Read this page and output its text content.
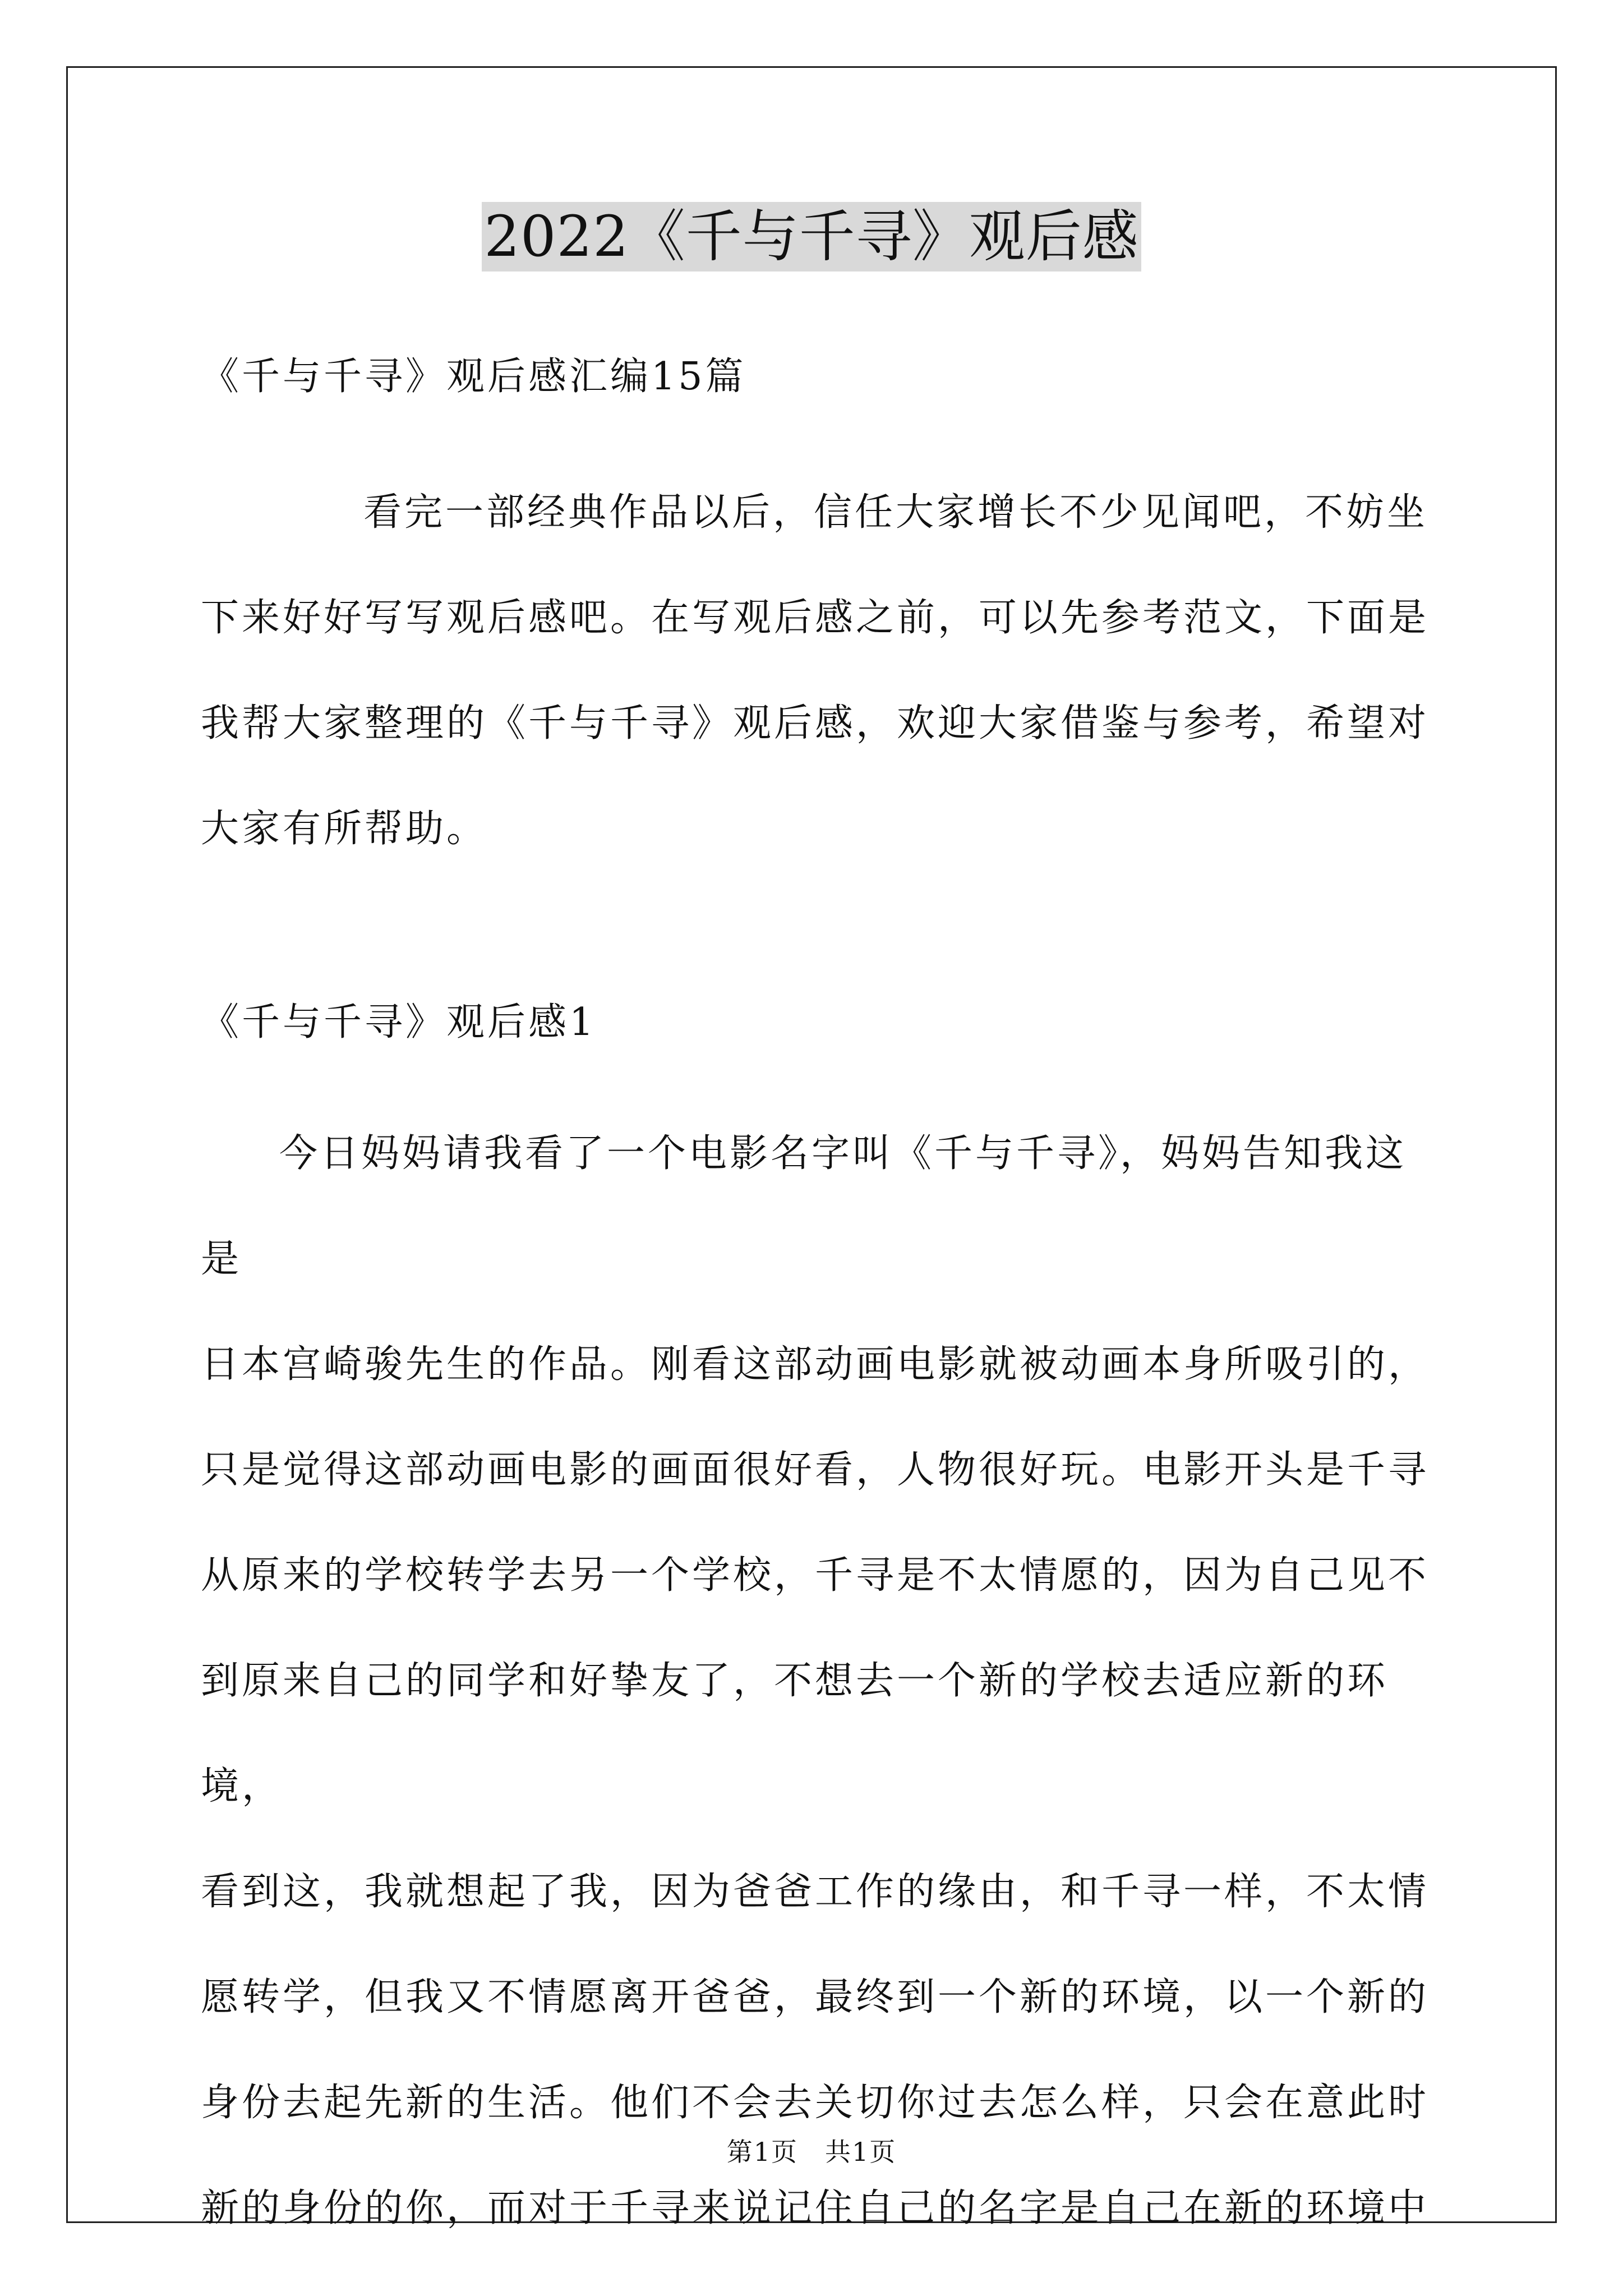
2022《千与千寻》观后感
《千与千寻》观后感汇编15篇
看完一部经典作品以后，信任大家增长不少见闻吧，不妨坐
下来好好写写观后感吧。在写观后感之前，可以先参考范文，下面是
我帮大家整理的《千与千寻》观后感，欢迎大家借鉴与参考，希望对
大家有所帮助。
《千与千寻》观后感1
今日妈妈请我看了一个电影名字叫《千与千寻》，妈妈告知我这是
日本宫崎骏先生的作品。刚看这部动画电影就被动画本身所吸引的，
只是觉得这部动画电影的画面很好看，人物很好玩。电影开头是千寻
从原来的学校转学去另一个学校，千寻是不太情愿的，因为自己见不
到原来自己的同学和好挚友了，不想去一个新的学校去适应新的环境，
看到这，我就想起了我，因为爸爸工作的缘由，和千寻一样，不太情
愿转学，但我又不情愿离开爸爸，最终到一个新的环境，以一个新的
身份去起先新的生活。他们不会去关切你过去怎么样，只会在意此时
新的身份的你，而对于千寻来说记住自己的名字是自己在新的环境中
第1页　共1页
